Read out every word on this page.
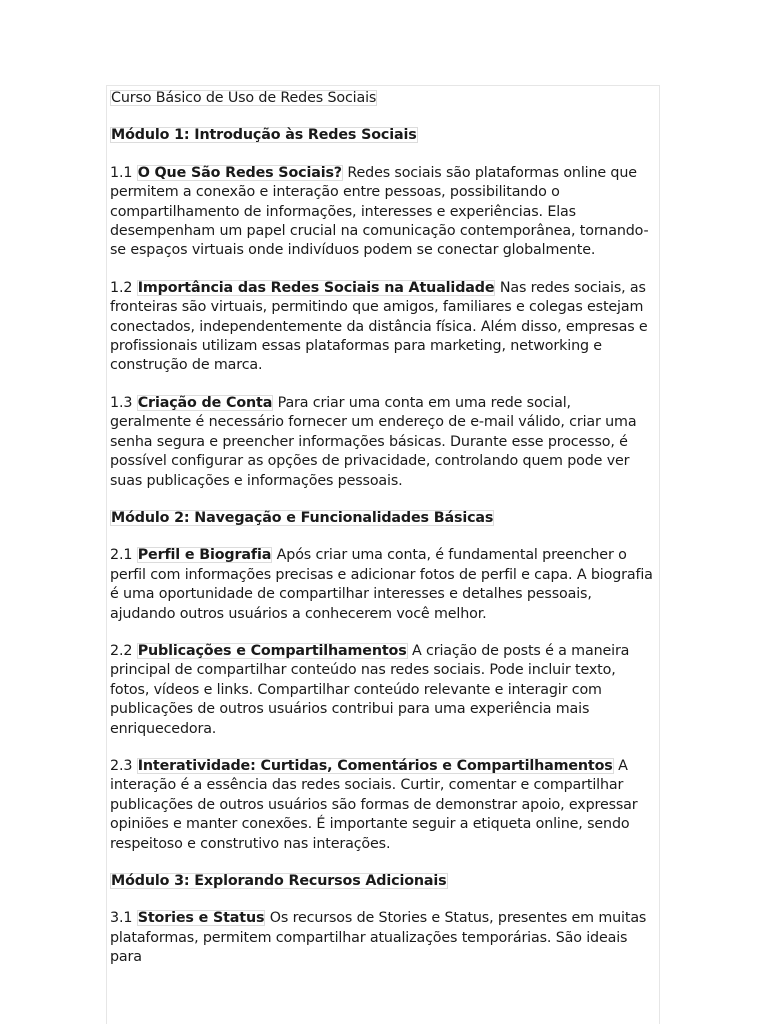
Curso Básico de Uso de Redes Sociais

Módulo 1: Introdução às Redes Sociais

1.1 O Que São Redes Sociais? Redes sociais são plataformas online que permitem a conexão e interação entre pessoas, possibilitando o compartilhamento de informações, interesses e experiências. Elas desempenham um papel crucial na comunicação contemporânea, tornando-se espaços virtuais onde indivíduos podem se conectar globalmente.

1.2 Importância das Redes Sociais na Atualidade Nas redes sociais, as fronteiras são virtuais, permitindo que amigos, familiares e colegas estejam conectados, independentemente da distância física. Além disso, empresas e profissionais utilizam essas plataformas para marketing, networking e construção de marca.

1.3 Criação de Conta Para criar uma conta em uma rede social, geralmente é necessário fornecer um endereço de e-mail válido, criar uma senha segura e preencher informações básicas. Durante esse processo, é possível configurar as opções de privacidade, controlando quem pode ver suas publicações e informações pessoais.

Módulo 2: Navegação e Funcionalidades Básicas

2.1 Perfil e Biografia Após criar uma conta, é fundamental preencher o perfil com informações precisas e adicionar fotos de perfil e capa. A biografia é uma oportunidade de compartilhar interesses e detalhes pessoais, ajudando outros usuários a conhecerem você melhor.

2.2 Publicações e Compartilhamentos A criação de posts é a maneira principal de compartilhar conteúdo nas redes sociais. Pode incluir texto, fotos, vídeos e links. Compartilhar conteúdo relevante e interagir com publicações de outros usuários contribui para uma experiência mais enriquecedora.

2.3 Interatividade: Curtidas, Comentários e Compartilhamentos A interação é a essência das redes sociais. Curtir, comentar e compartilhar publicações de outros usuários são formas de demonstrar apoio, expressar opiniões e manter conexões. É importante seguir a etiqueta online, sendo respeitoso e construtivo nas interações.

Módulo 3: Explorando Recursos Adicionais

3.1 Stories e Status Os recursos de Stories e Status, presentes em muitas plataformas, permitem compartilhar atualizações temporárias. São ideais para
